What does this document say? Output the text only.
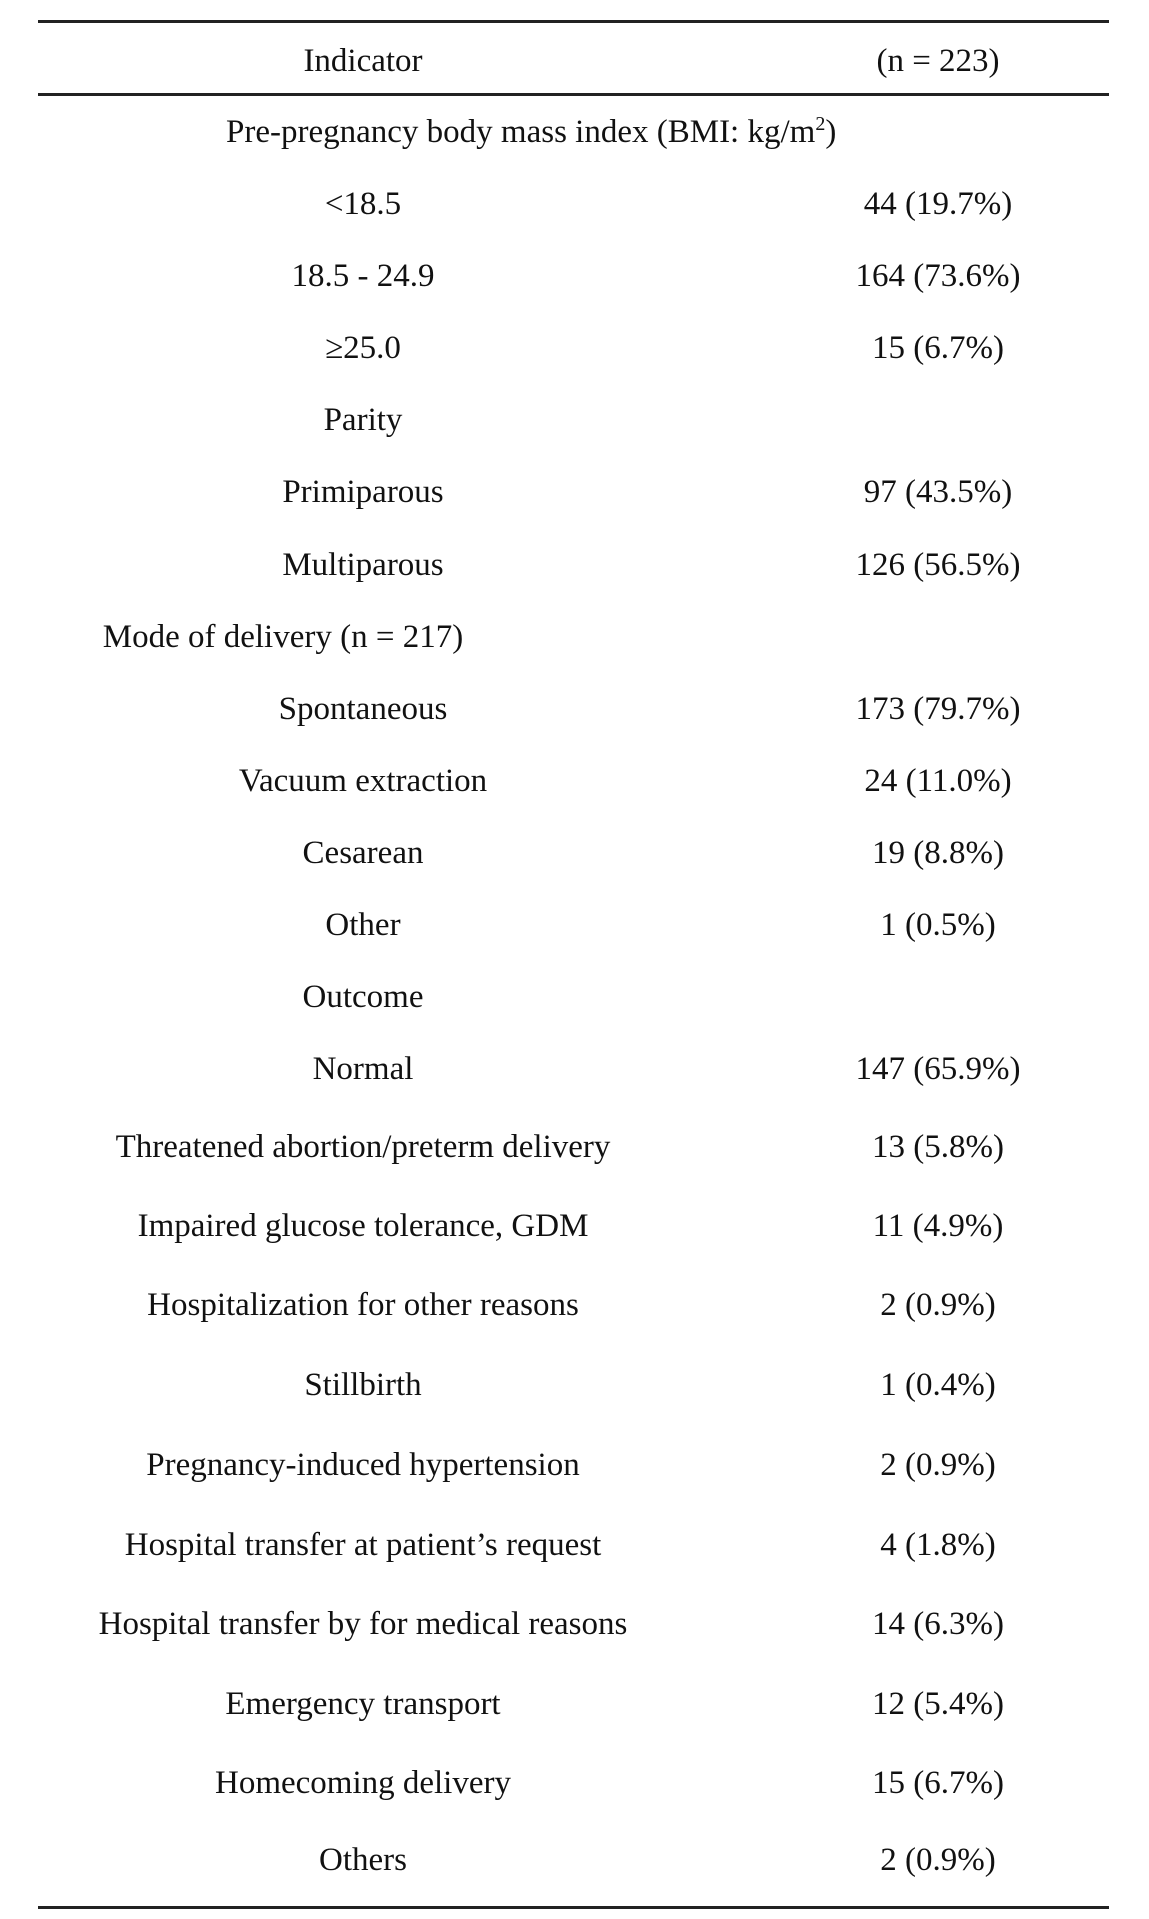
Indicator	(n = 223)
Pre-pregnancy body mass index (BMI: $kg/m^2$)
<18.5	44 (19.7%)
18.5 - 24.9	164 (73.6%)
≥25.0	15 (6.7%)
Parity
Primiparous	97 (43.5%)
Multiparous	126 (56.5%)
Mode of delivery (n = 217)
Spontaneous	173 (79.7%)
Vacuum extraction	24 (11.0%)
Cesarean	19 (8.8%)
Other	1 (0.5%)
Outcome
Normal	147 (65.9%)
Threatened abortion/preterm delivery	13 (5.8%)
Impaired glucose tolerance, GDM	11 (4.9%)
Hospitalization for other reasons	2 (0.9%)
Stillbirth	1 (0.4%)
Pregnancy-induced hypertension	2 (0.9%)
Hospital transfer at patient’s request	4 (1.8%)
Hospital transfer by for medical reasons	14 (6.3%)
Emergency transport	12 (5.4%)
Homecoming delivery	15 (6.7%)
Others	2 (0.9%)
